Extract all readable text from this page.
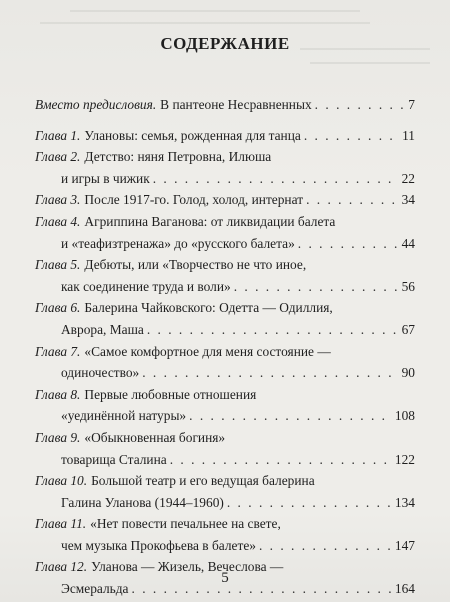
СОДЕРЖАНИЕ
Вместо предисловия. В пантеоне Несравненных . . .	7
Глава 1. Улановы: семья, рожденная для танца . . .	11
Глава 2. Детство: няня Петровна, Илюша
и игры в чижик . . .	22
Глава 3. После 1917-го. Голод, холод, интернат . . .	34
Глава 4. Агриппина Ваганова: от ликвидации балета
и «теафизтренажа» до «русского балета» . . .	44
Глава 5. Дебюты, или «Творчество не что иное,
как соединение труда и воли» . . .	56
Глава 6. Балерина Чайковского: Одетта — Одиллия,
Аврора, Маша . . .	67
Глава 7. «Самое комфортное для меня состояние —
одиночество» . . .	90
Глава 8. Первые любовные отношения
«уединённой натуры» . . .	108
Глава 9. «Обыкновенная богиня»
товарища Сталина . . .	122
Глава 10. Большой театр и его ведущая балерина
Галина Уланова (1944–1960) . . .	134
Глава 11. «Нет повести печальнее на свете,
чем музыка Прокофьева в балете» . . .	147
Глава 12. Уланова — Жизель, Вечеслова —
Эсмеральда . . .	164
5
